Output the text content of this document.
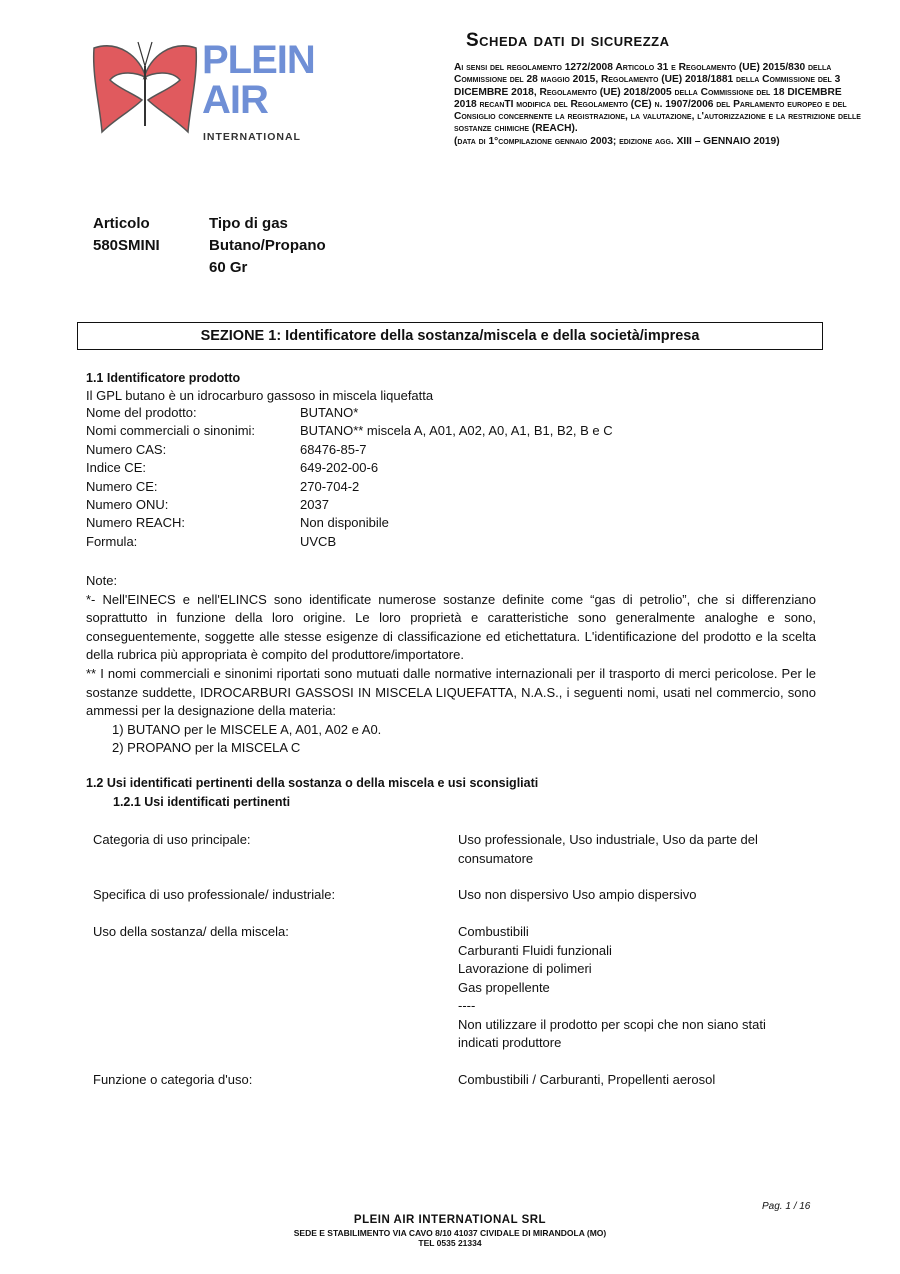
PLEIN
AIR
INTERNATIONAL
Scheda dati di sicurezza
Ai sensi del regolamento 1272/2008 Articolo 31 e Regolamento (UE) 2015/830 della Commissione del 28 maggio 2015, Regolamento (UE) 2018/1881 della Commissione del 3 DICEMBRE 2018, Regolamento (UE) 2018/2005 della Commissione del 18 DICEMBRE 2018 recanTI modifica del Regolamento (CE) n. 1907/2006 del Parlamento europeo e del Consiglio concernente la registrazione, la valutazione, l'autorizzazione e la restrizione delle sostanze chimiche (REACH).
(data di 1°compilazione gennaio 2003; edizione agg. XIII – GENNAIO 2019)
Articolo
580SMINI
Tipo di gas
Butano/Propano
60 Gr
SEZIONE 1: Identificatore della sostanza/miscela e della società/impresa
1.1 Identificatore prodotto
Il GPL butano è un idrocarburo gassoso in miscela liquefatta
Nome del prodotto:	BUTANO*
Nomi commerciali o sinonimi:	BUTANO** miscela A, A01, A02, A0, A1, B1, B2, B e C
Numero CAS:	68476-85-7
Indice CE:	649-202-00-6
Numero CE:	270-704-2
Numero ONU:	2037
Numero REACH:	Non disponibile
Formula:	UVCB

Note:

*- Nell'EINECS e nell'ELINCS sono identificate numerose sostanze definite come “gas di petrolio”, che si differenziano soprattutto in funzione della loro origine. Le loro proprietà e caratteristiche sono generalmente analoghe e sono, conseguentemente, soggette alle stesse esigenze di classificazione ed etichettatura. L'identificazione del prodotto e la scelta della rubrica più appropriata è compito del produttore/importatore.

** I nomi commerciali e sinonimi riportati sono mutuati dalle normative internazionali per il trasporto di merci pericolose. Per le sostanze suddette, IDROCARBURI GASSOSI IN MISCELA LIQUEFATTA, N.A.S., i seguenti nomi, usati nel commercio, sono ammessi per la designazione della materia:

1) BUTANO per le MISCELE A, A01, A02 e A0.

2) PROPANO per la MISCELA C

1.2 Usi identificati pertinenti della sostanza o della miscela e usi sconsigliati
1.2.1 Usi identificati pertinenti
Categoria di uso principale:	Uso professionale, Uso industriale, Uso da parte del
consumatore
Specifica di uso professionale/ industriale:	Uso non dispersivo Uso ampio dispersivo
Uso della sostanza/ della miscela:	Combustibili
Carburanti Fluidi funzionali
Lavorazione di polimeri
Gas propellente
----
Non utilizzare il prodotto per scopi che non siano stati
indicati produttore
Funzione o categoria d'uso:	Combustibili / Carburanti, Propellenti aerosol
Pag. 1 / 16
PLEIN AIR INTERNATIONAL SRL
SEDE E STABILIMENTO VIA CAVO 8/10 41037 CIVIDALE DI MIRANDOLA (MO)
TEL 0535 21334
